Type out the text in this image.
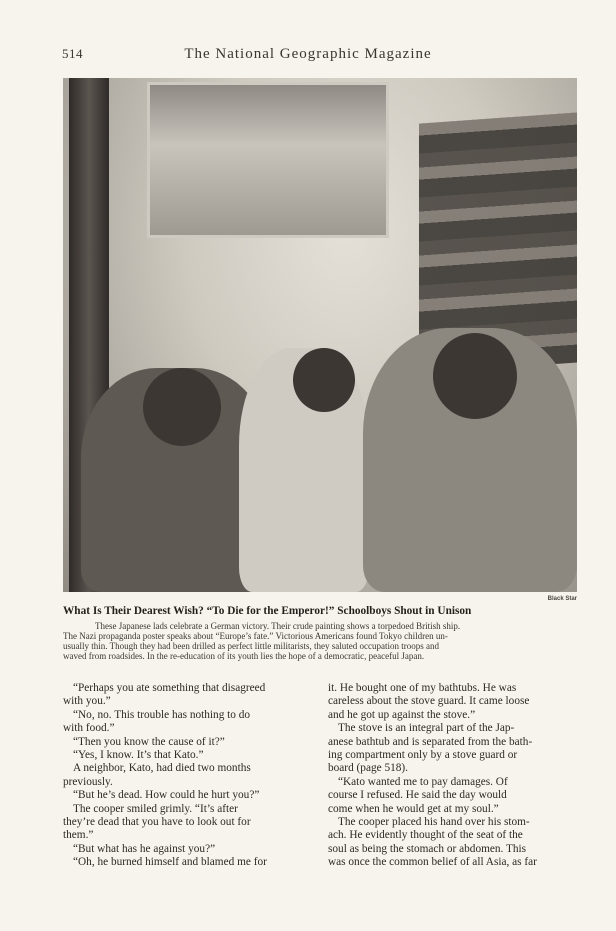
514	The National Geographic Magazine
Black Star
What Is Their Dearest Wish? “To Die for the Emperor!” Schoolboys Shout in Unison
These Japanese lads celebrate a German victory. Their crude painting shows a torpedoed British ship.
The Nazi propaganda poster speaks about “Europe’s fate.” Victorious Americans found Tokyo children un-
usually thin. Though they had been drilled as perfect little militarists, they saluted occupation troops and
waved from roadsides. In the re-education of its youth lies the hope of a democratic, peaceful Japan.
“Perhaps you ate something that disagreed
with you.”
“No, no. This trouble has nothing to do
with food.”
“Then you know the cause of it?”
“Yes, I know. It’s that Kato.”
A neighbor, Kato, had died two months
previously.
“But he’s dead. How could he hurt you?”
The cooper smiled grimly. “It’s after
they’re dead that you have to look out for
them.”
“But what has he against you?”
“Oh, he burned himself and blamed me for
it. He bought one of my bathtubs. He was
careless about the stove guard. It came loose
and he got up against the stove.”
The stove is an integral part of the Jap-
anese bathtub and is separated from the bath-
ing compartment only by a stove guard or
board (page 518).
“Kato wanted me to pay damages. Of
course I refused. He said the day would
come when he would get at my soul.”
The cooper placed his hand over his stom-
ach. He evidently thought of the seat of the
soul as being the stomach or abdomen. This
was once the common belief of all Asia, as far
